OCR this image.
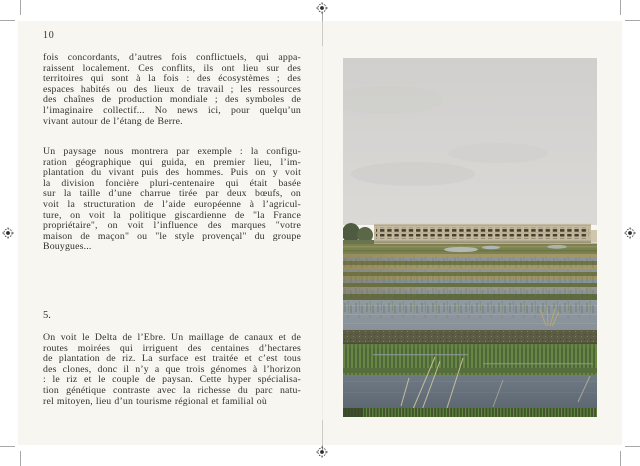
10
fois concordants, d’autres fois conflictuels, qui appa-
raissent localement. Ces conflits, ils ont lieu sur des
territoires qui sont à la fois : des écosystèmes ; des
espaces habités ou des lieux de travail ; les ressources
des chaînes de production mondiale ; des symboles de
l’imaginaire collectif... No news ici, pour quelqu’un
vivant autour de l’étang de Berre.
Un paysage nous montrera par exemple : la configu-
ration géographique qui guida, en premier lieu, l’im-
plantation du vivant puis des hommes. Puis on y voit
la division foncière pluri-centenaire qui était basée
sur la taille d’une charrue tirée par deux bœufs, on
voit la structuration de l’aide européenne à l’agricul-
ture, on voit la politique giscardienne de "la France
propriétaire", on voit l’influence des marques "votre
maison de maçon" ou "le style provençal" du groupe
Bouygues...
5.
On voit le Delta de l’Ebre. Un maillage de canaux et de
routes moirées qui irriguent des centaines d’hectares
de plantation de riz. La surface est traitée et c’est tous
des clones, donc il n’y a que trois génomes à l’horizon
: le riz et le couple de paysan. Cette hyper spécialisa-
tion génétique contraste avec la richesse du parc natu-
rel mitoyen, lieu d’un tourisme régional et familial où
